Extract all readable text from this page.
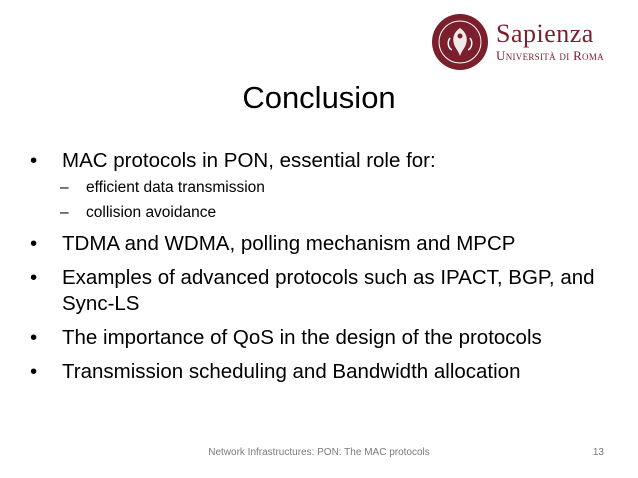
Sapienza
Università di Roma
Conclusion
• MAC protocols in PON, essential role for:
– efficient data transmission
– collision avoidance
• TDMA and WDMA, polling mechanism and MPCP
• Examples of advanced protocols such as IPACT, BGP, and Sync-LS
• The importance of QoS in the design of the protocols
• Transmission scheduling and Bandwidth allocation
Network Infrastructures: PON: The MAC protocols	13
